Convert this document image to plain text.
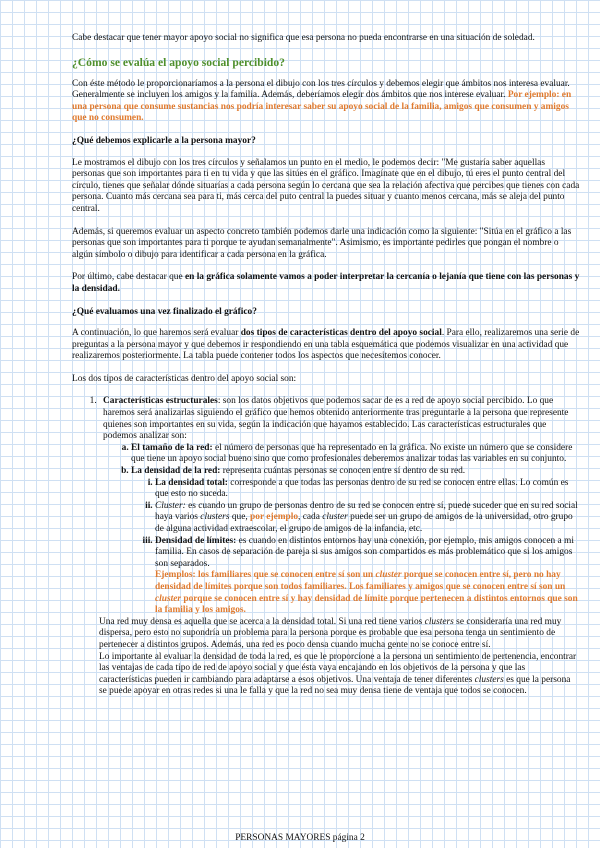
Cabe destacar que tener mayor apoyo social no significa que esa persona no pueda encontrarse en una situación de soledad.

¿Cómo se evalúa el apoyo social percibido?

Con éste método le proporcionaríamos a la persona el dibujo con los tres círculos y debemos elegir que ámbitos nos interesa evaluar. Generalmente se incluyen los amigos y la familia. Además, deberíamos elegir dos ámbitos que nos interese evaluar. Por ejemplo: en una persona que consume sustancias nos podría interesar saber su apoyo social de la familia, amigos que consumen y amigos que no consumen.

¿Qué debemos explicarle a la persona mayor?

Le mostramos el dibujo con los tres círculos y señalamos un punto en el medio, le podemos decir: "Me gustaría saber aquellas personas que son importantes para ti en tu vida y que las sitúes en el gráfico. Imagínate que en el dibujo, tú eres el punto central del círculo, tienes que señalar dónde situarías a cada persona según lo cercana que sea la relación afectiva que percibes que tienes con cada persona. Cuanto más cercana sea para ti, más cerca del puto central la puedes situar y cuanto menos cercana, más se aleja del punto central.

Además, si queremos evaluar un aspecto concreto también podemos darle una indicación como la siguiente: "Sitúa en el gráfico a las personas que son importantes para ti porque te ayudan semanalmente". Asimismo, es importante pedirles que pongan el nombre o algún símbolo o dibujo para identificar a cada persona en la gráfica.

Por último, cabe destacar que en la gráfica solamente vamos a poder interpretar la cercanía o lejanía que tiene con las personas y la densidad.

¿Qué evaluamos una vez finalizado el gráfico?

A continuación, lo que haremos será evaluar dos tipos de características dentro del apoyo social. Para ello, realizaremos una serie de preguntas a la persona mayor y que debemos ir respondiendo en una tabla esquemática que podemos visualizar en una actividad que realizaremos posteriormente. La tabla puede contener todos los aspectos que necesitemos conocer.

Los dos tipos de características dentro del apoyo social son:

1. Características estructurales: son los datos objetivos que podemos sacar de es a red de apoyo social percibido. Lo que haremos será analizarlas siguiendo el gráfico que hemos obtenido anteriormente tras preguntarle a la persona que represente quienes son importantes en su vida, según la indicación que hayamos establecido. Las características estructurales que podemos analizar son:
a. El tamaño de la red: el número de personas que ha representado en la gráfica. No existe un número que se considere que tiene un apoyo social bueno sino que como profesionales deberemos analizar todas las variables en su conjunto.
b. La densidad de la red: representa cuántas personas se conocen entre sí dentro de su red.
i. La densidad total: corresponde a que todas las personas dentro de su red se conocen entre ellas. Lo común es que esto no suceda.
ii. Cluster: es cuando un grupo de personas dentro de su red se conocen entre sí, puede suceder que en su red social haya varios clusters que, por ejemplo, cada cluster puede ser un grupo de amigos de la universidad, otro grupo de alguna actividad extraescolar, el grupo de amigos de la infancia, etc.
iii. Densidad de límites: es cuando en distintos entornos hay una conexión, por ejemplo, mis amigos conocen a mi familia. En casos de separación de pareja si sus amigos son compartidos es más problemático que si los amigos son separados.
Ejemplos: los familiares que se conocen entre sí son un cluster porque se conocen entre sí, pero no hay densidad de límites porque son todos familiares. Los familiares y amigos que se conocen entre sí son un cluster porque se conocen entre sí y hay densidad de límite porque pertenecen a distintos entornos que son la familia y los amigos.

Una red muy densa es aquella que se acerca a la densidad total. Si una red tiene varios clusters se consideraría una red muy dispersa, pero esto no supondría un problema para la persona porque es probable que esa persona tenga un sentimiento de pertenecer a distintos grupos. Además, una red es poco densa cuando mucha gente no se conoce entre sí.

Lo importante al evaluar la densidad de toda la red, es que le proporcione a la persona un sentimiento de pertenencia, encontrar las ventajas de cada tipo de red de apoyo social y que ésta vaya encajando en los objetivos de la persona y que las características pueden ir cambiando para adaptarse a esos objetivos. Una ventaja de tener diferentes clusters es que la persona se puede apoyar en otras redes si una le falla y que la red no sea muy densa tiene de ventaja que todos se conocen.

PERSONAS MAYORES página 2
